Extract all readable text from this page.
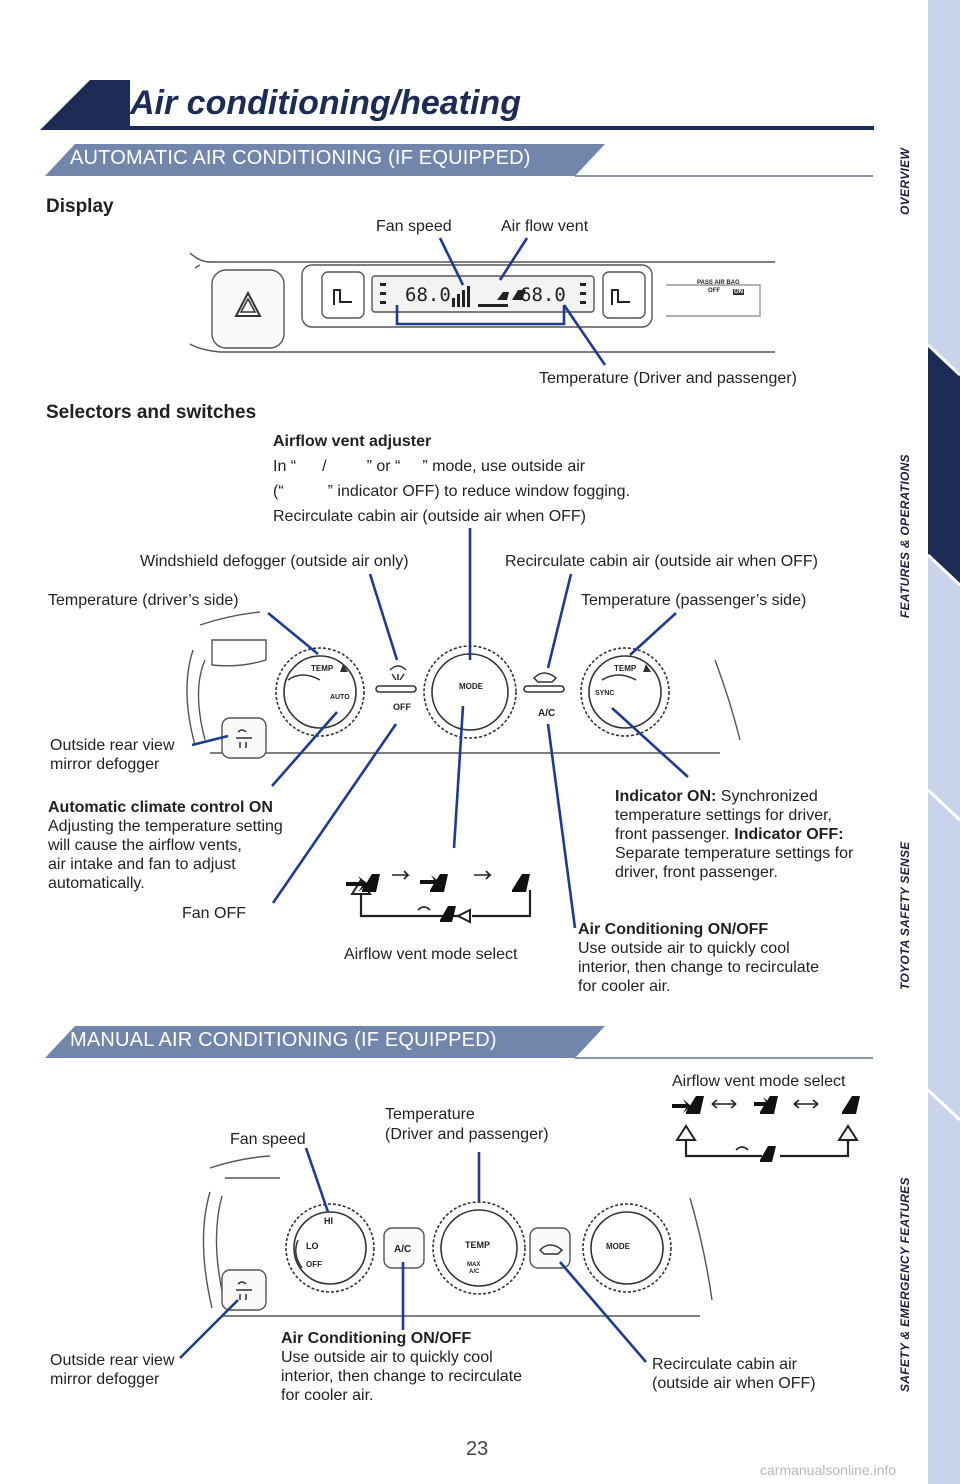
OVERVIEW
FEATURES & OPERATIONS
TOYOTA SAFETY SENSE
SAFETY & EMERGENCY FEATURES
Air conditioning/heating
AUTOMATIC AIR CONDITIONING (IF EQUIPPED)
Display
Fan speed	Air flow vent
Temperature (Driver and passenger)
68.0	68.0
PASS AIR BAG
OFF ON
Selectors and switches
Airflow vent adjuster
In “ /	” or “ ” mode, use outside air
(“	” indicator OFF) to reduce window fogging.
Recirculate cabin air (outside air when OFF)
Windshield defogger (outside air only)	Recirculate cabin air (outside air when OFF)
Temperature (driver’s side)	Temperature (passenger’s side)
TEMP
AUTO
MODE
TEMP
SYNC
OFF
A/C
Outside rear view
mirror defogger
Automatic climate control ON
Adjusting the temperature setting
will cause the airflow vents,
air intake and fan to adjust
automatically.
Fan OFF
Indicator ON: Synchronized
temperature settings for driver,
front passenger. Indicator OFF:
Separate temperature settings for
driver, front passenger.
Airflow vent mode select
Air Conditioning ON/OFF
Use outside air to quickly cool
interior, then change to recirculate
for cooler air.
MANUAL AIR CONDITIONING (IF EQUIPPED)
Airflow vent mode select
Temperature
(Driver and passenger)
Fan speed
HI
LO
OFF
A/C	TEMP
MAX
A/C
MODE
Outside rear view
mirror defogger
Air Conditioning ON/OFF
Use outside air to quickly cool
interior, then change to recirculate
for cooler air.
Recirculate cabin air
(outside air when OFF)
23
carmanualsonline.info
